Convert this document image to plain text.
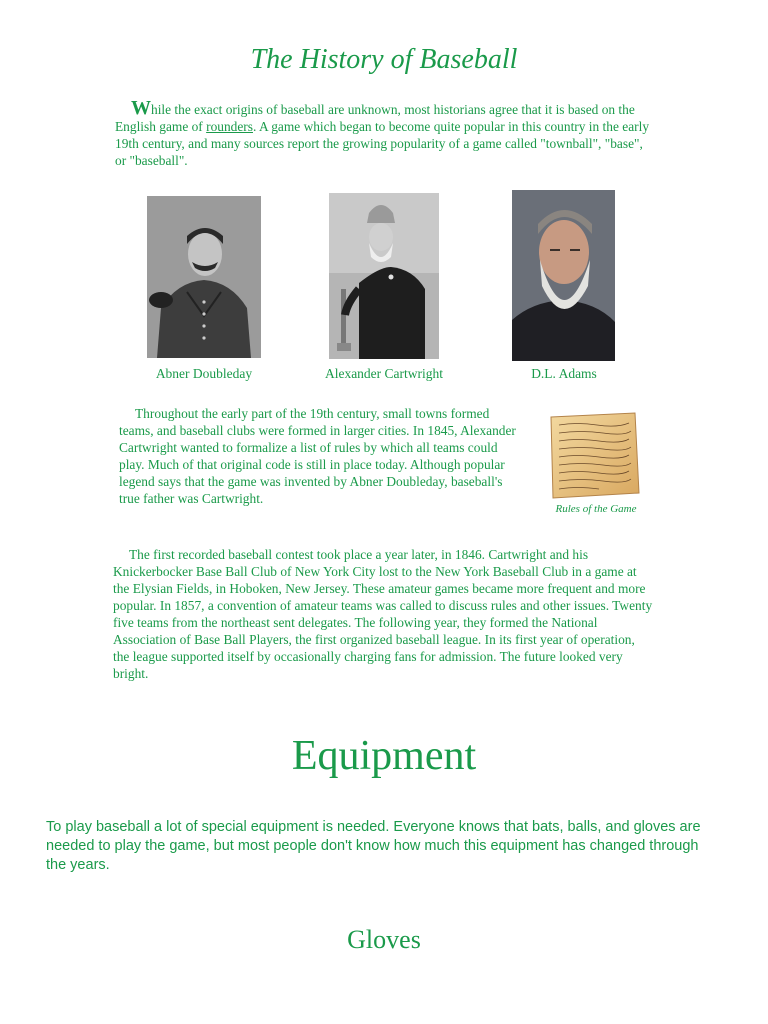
The History of Baseball
While the exact origins of baseball are unknown, most historians agree that it is based on the English game of rounders. A game which began to become quite popular in this country in the early 19th century, and many sources report the growing popularity of a game called "townball", "base", or "baseball".
Abner Doubleday	Alexander Cartwright	D.L. Adams
Throughout the early part of the 19th century, small towns formed teams, and baseball clubs were formed in larger cities. In 1845, Alexander Cartwright wanted to formalize a list of rules by which all teams could play. Much of that original code is still in place today. Although popular legend says that the game was invented by Abner Doubleday, baseball's true father was Cartwright.
Rules of the Game
The first recorded baseball contest took place a year later, in 1846. Cartwright and his Knickerbocker Base Ball Club of New York City lost to the New York Baseball Club in a game at the Elysian Fields, in Hoboken, New Jersey. These amateur games became more frequent and more popular. In 1857, a convention of amateur teams was called to discuss rules and other issues. Twenty five teams from the northeast sent delegates. The following year, they formed the National Association of Base Ball Players, the first organized baseball league. In its first year of operation, the league supported itself by occasionally charging fans for admission. The future looked very bright.
Equipment
To play baseball a lot of special equipment is needed. Everyone knows that bats, balls, and gloves are needed to play the game, but most people don't know how much this equipment has changed through the years.
Gloves
